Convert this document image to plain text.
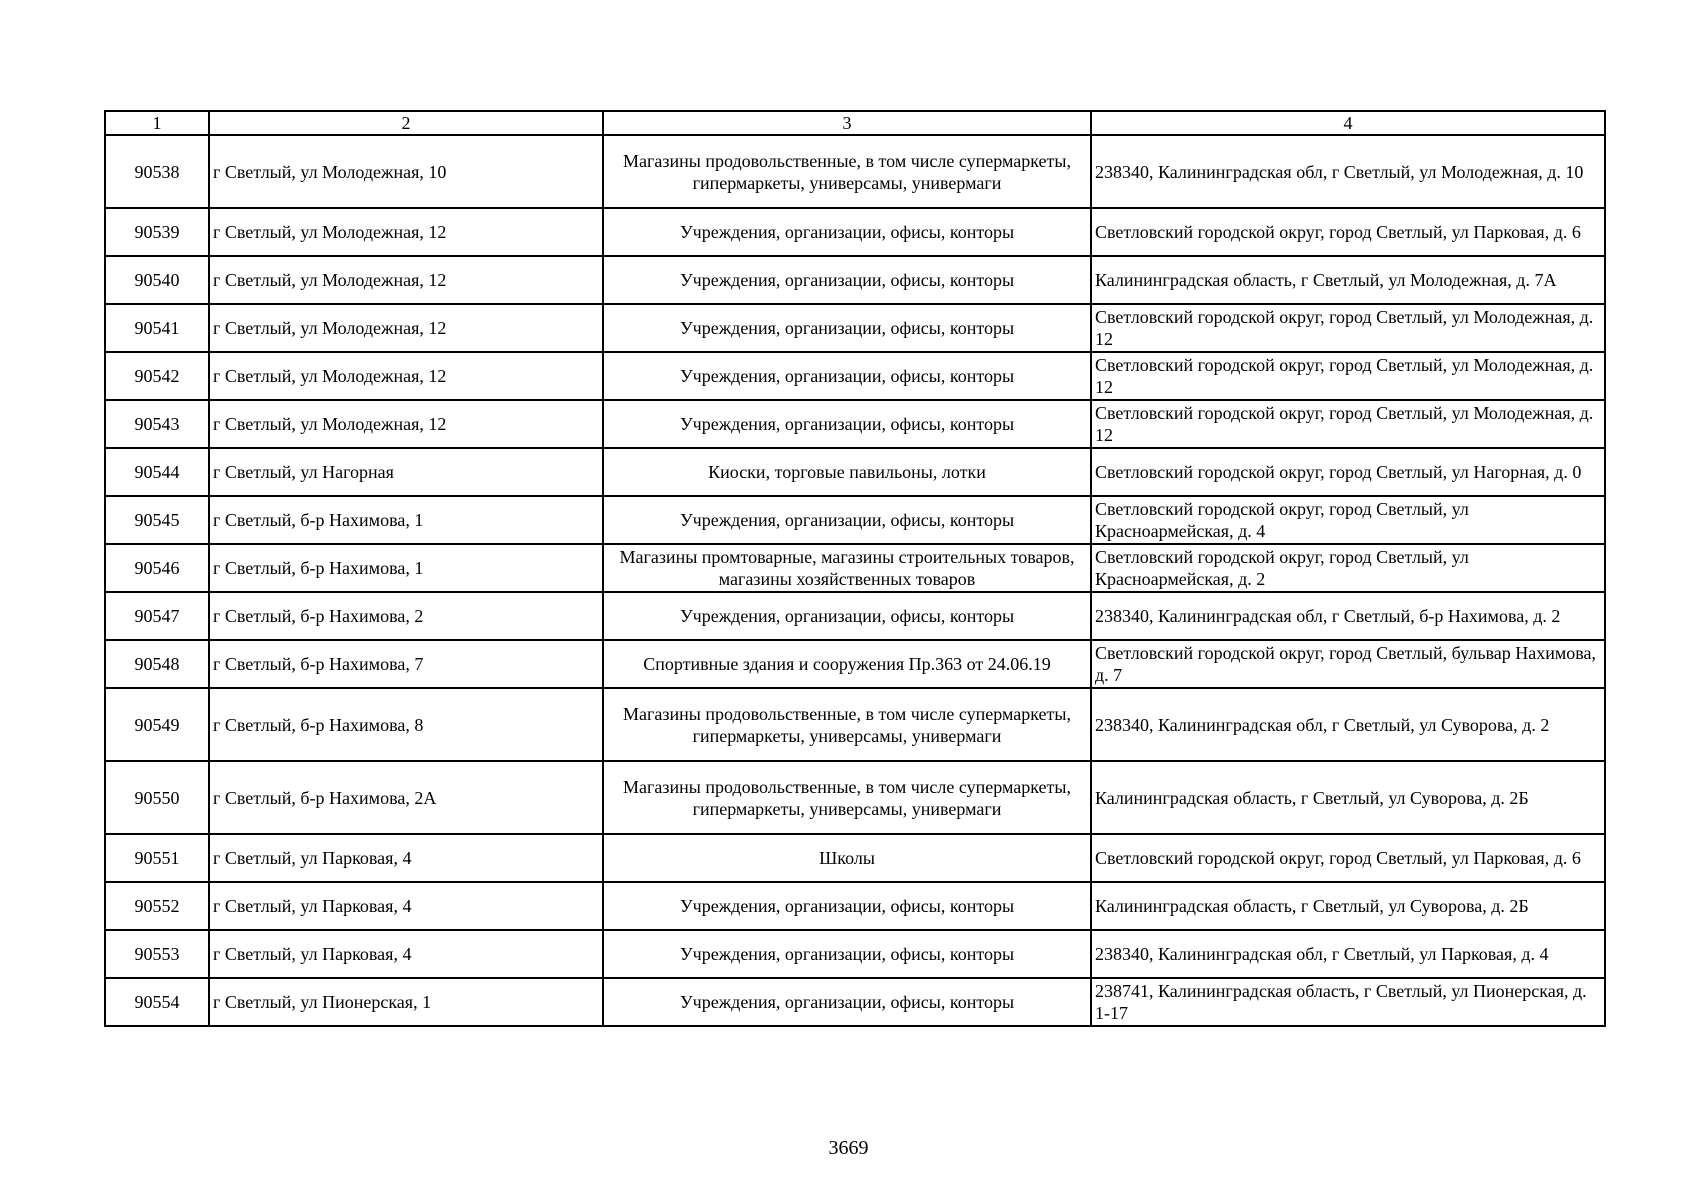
1	2	3	4
90538	г Светлый, ул Молодежная, 10	Магазины продовольственные, в том числе супермаркеты, гипермаркеты, универсамы, универмаги	238340, Калининградская обл, г Светлый, ул Молодежная, д. 10
90539	г Светлый, ул Молодежная, 12	Учреждения, организации, офисы, конторы	Светловский городской округ, город Светлый, ул Парковая, д. 6
90540	г Светлый, ул Молодежная, 12	Учреждения, организации, офисы, конторы	Калининградская область, г Светлый, ул Молодежная, д. 7А
90541	г Светлый, ул Молодежная, 12	Учреждения, организации, офисы, конторы	Светловский городской округ, город Светлый, ул Молодежная, д. 12
90542	г Светлый, ул Молодежная, 12	Учреждения, организации, офисы, конторы	Светловский городской округ, город Светлый, ул Молодежная, д. 12
90543	г Светлый, ул Молодежная, 12	Учреждения, организации, офисы, конторы	Светловский городской округ, город Светлый, ул Молодежная, д. 12
90544	г Светлый, ул Нагорная	Киоски, торговые павильоны, лотки	Светловский городской округ, город Светлый, ул Нагорная, д. 0
90545	г Светлый, б-р Нахимова, 1	Учреждения, организации, офисы, конторы	Светловский городской округ, город Светлый, ул Красноармейская, д. 4
90546	г Светлый, б-р Нахимова, 1	Магазины промтоварные, магазины строительных товаров, магазины хозяйственных товаров	Светловский городской округ, город Светлый, ул Красноармейская, д. 2
90547	г Светлый, б-р Нахимова, 2	Учреждения, организации, офисы, конторы	238340, Калининградская обл, г Светлый, б-р Нахимова, д. 2
90548	г Светлый, б-р Нахимова, 7	Спортивные здания и сооружения Пр.363 от 24.06.19	Светловский городской округ, город Светлый, бульвар Нахимова, д. 7
90549	г Светлый, б-р Нахимова, 8	Магазины продовольственные, в том числе супермаркеты, гипермаркеты, универсамы, универмаги	238340, Калининградская обл, г Светлый, ул Суворова, д. 2
90550	г Светлый, б-р Нахимова, 2А	Магазины продовольственные, в том числе супермаркеты, гипермаркеты, универсамы, универмаги	Калининградская область, г Светлый, ул Суворова, д. 2Б
90551	г Светлый, ул Парковая, 4	Школы	Светловский городской округ, город Светлый, ул Парковая, д. 6
90552	г Светлый, ул Парковая, 4	Учреждения, организации, офисы, конторы	Калининградская область, г Светлый, ул Суворова, д. 2Б
90553	г Светлый, ул Парковая, 4	Учреждения, организации, офисы, конторы	238340, Калининградская обл, г Светлый, ул Парковая, д. 4
90554	г Светлый, ул Пионерская, 1	Учреждения, организации, офисы, конторы	238741, Калининградская область, г Светлый, ул Пионерская, д. 1-17
3669
